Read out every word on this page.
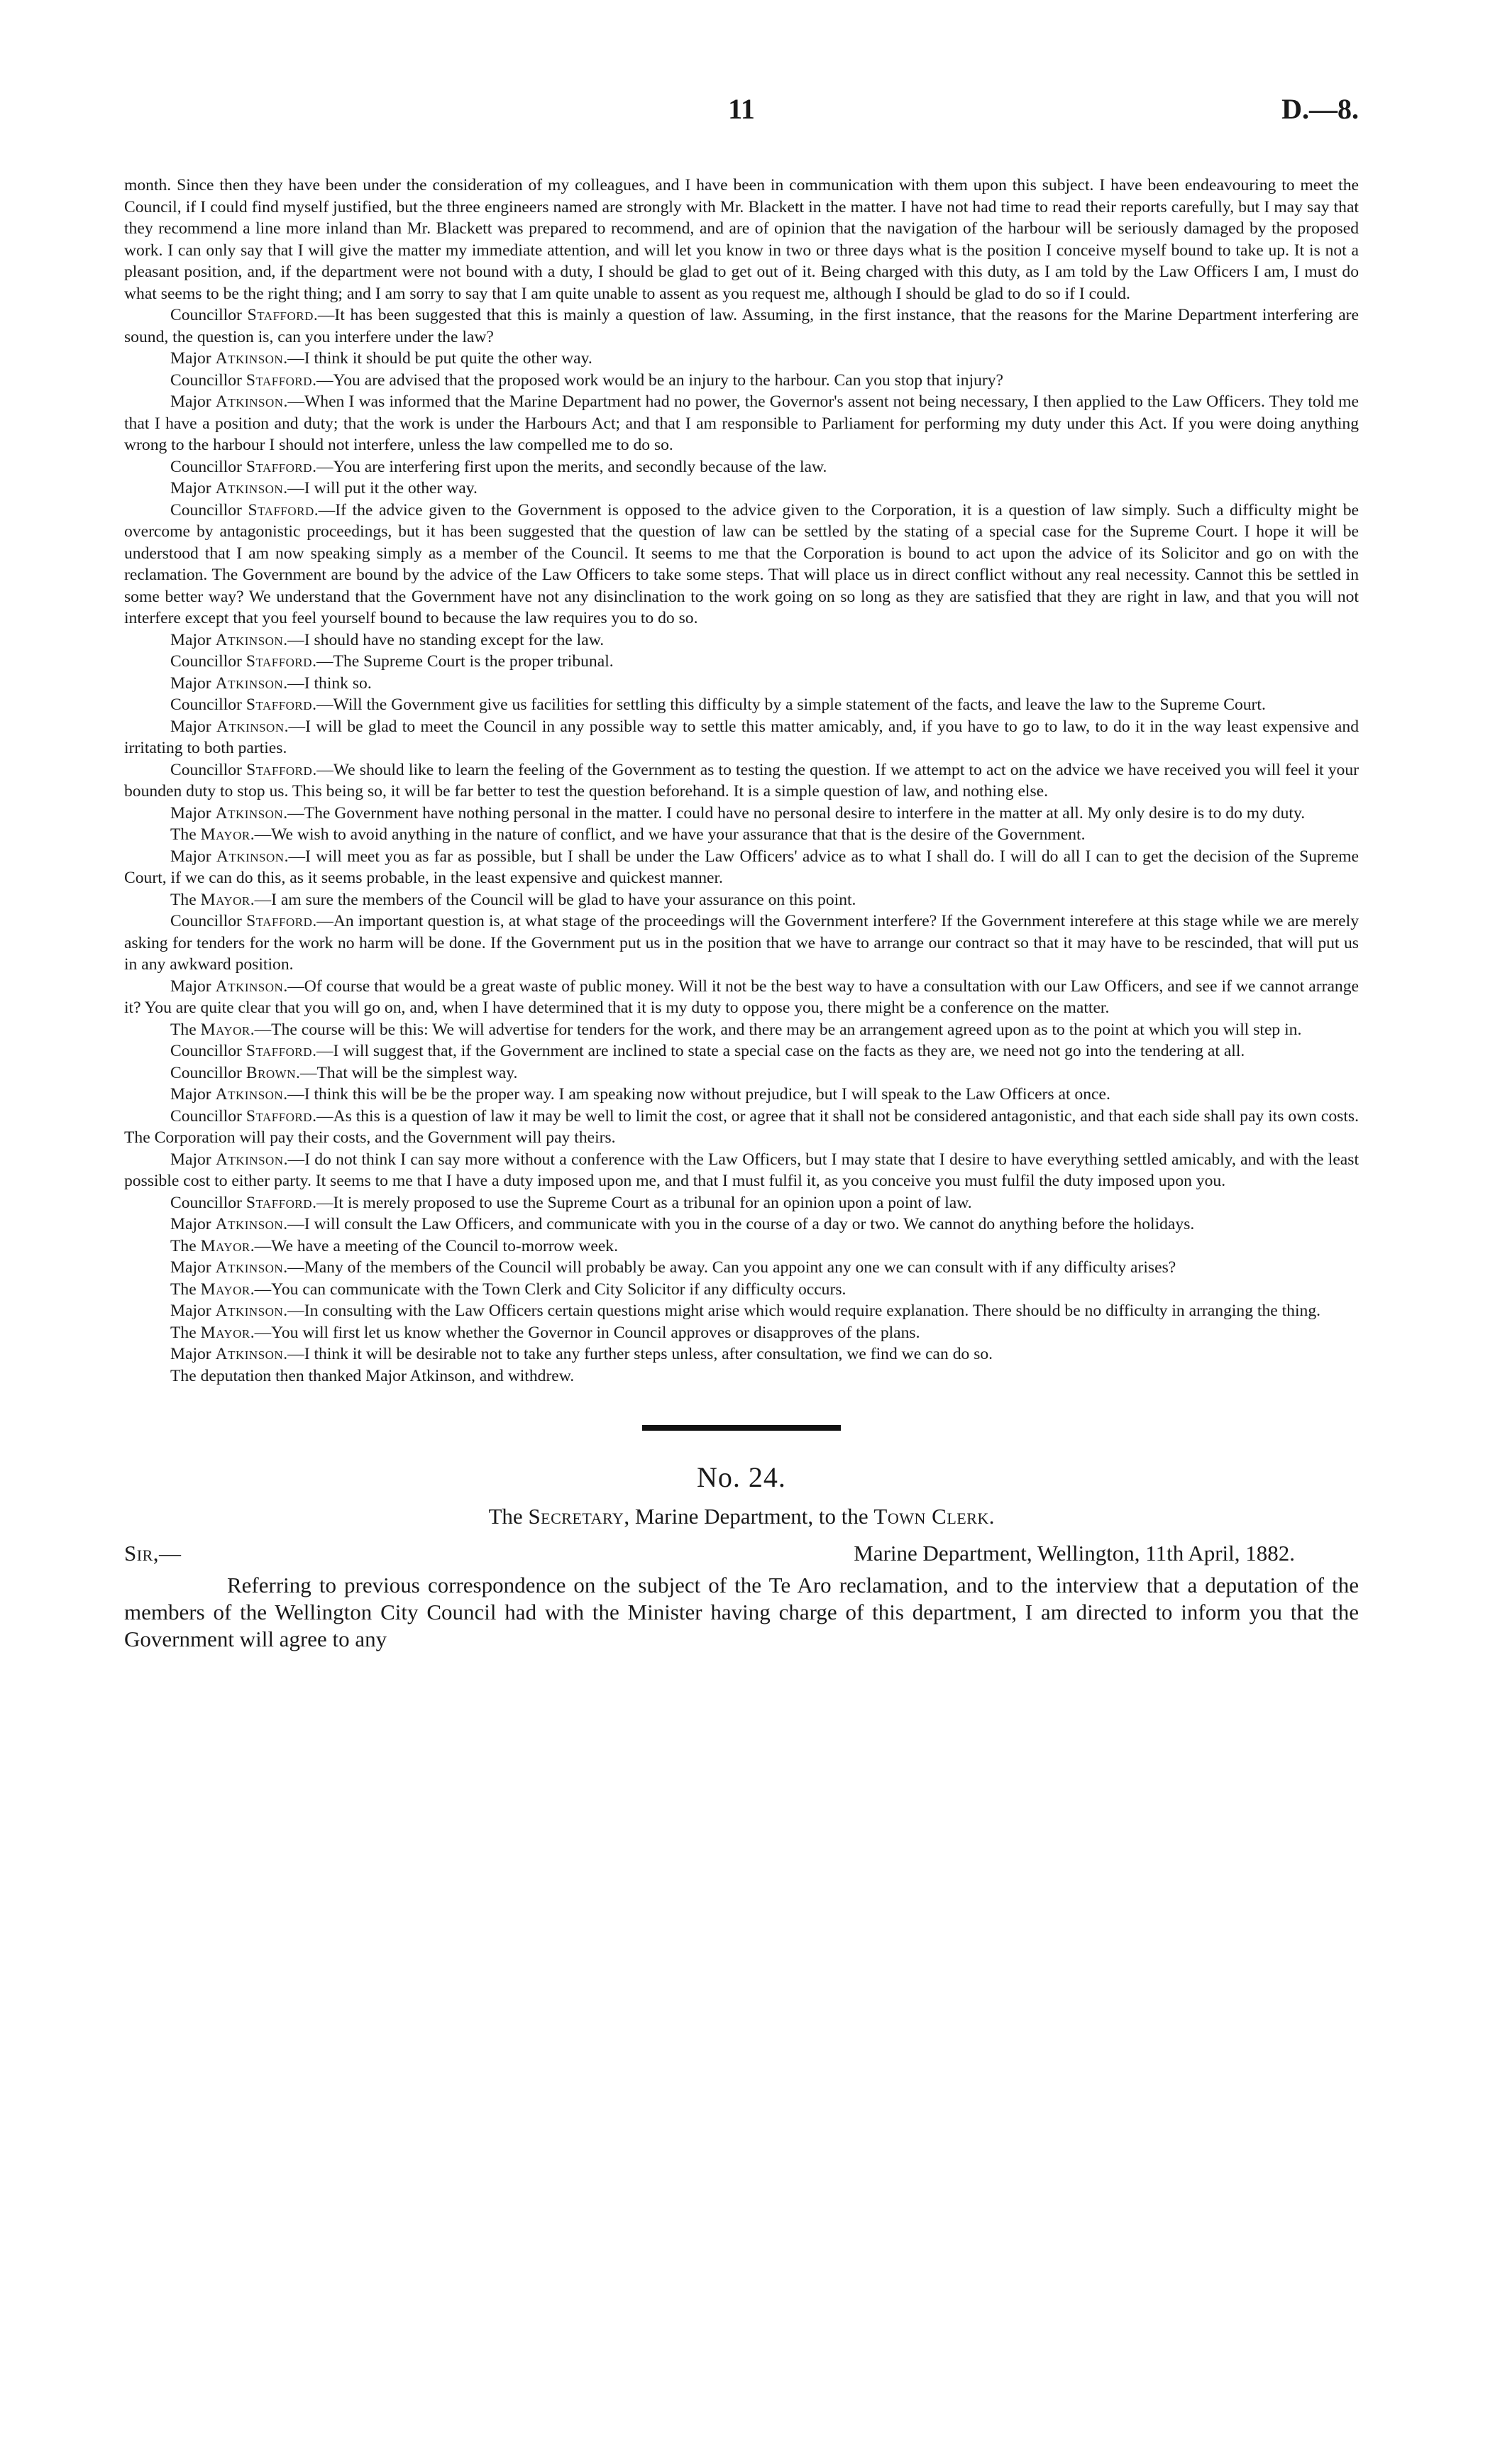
11	D.—8.

month. Since then they have been under the consideration of my colleagues, and I have been in communication with them upon this subject. I have been endeavouring to meet the Council, if I could find myself justified, but the three engineers named are strongly with Mr. Blackett in the matter. I have not had time to read their reports carefully, but I may say that they recommend a line more inland than Mr. Blackett was prepared to recommend, and are of opinion that the navigation of the harbour will be seriously damaged by the proposed work. I can only say that I will give the matter my immediate attention, and will let you know in two or three days what is the position I conceive myself bound to take up. It is not a pleasant position, and, if the department were not bound with a duty, I should be glad to get out of it. Being charged with this duty, as I am told by the Law Officers I am, I must do what seems to be the right thing; and I am sorry to say that I am quite unable to assent as you request me, although I should be glad to do so if I could.

Councillor Stafford.—It has been suggested that this is mainly a question of law. Assuming, in the first instance, that the reasons for the Marine Department interfering are sound, the question is, can you interfere under the law?

Major Atkinson.—I think it should be put quite the other way.

Councillor Stafford.—You are advised that the proposed work would be an injury to the harbour. Can you stop that injury?

Major Atkinson.—When I was informed that the Marine Department had no power, the Governor's assent not being necessary, I then applied to the Law Officers. They told me that I have a position and duty; that the work is under the Harbours Act; and that I am responsible to Parliament for performing my duty under this Act. If you were doing anything wrong to the harbour I should not interfere, unless the law compelled me to do so.

Councillor Stafford.—You are interfering first upon the merits, and secondly because of the law.

Major Atkinson.—I will put it the other way.

Councillor Stafford.—If the advice given to the Government is opposed to the advice given to the Corporation, it is a question of law simply. Such a difficulty might be overcome by antagonistic proceedings, but it has been suggested that the question of law can be settled by the stating of a special case for the Supreme Court. I hope it will be understood that I am now speaking simply as a member of the Council. It seems to me that the Corporation is bound to act upon the advice of its Solicitor and go on with the reclamation. The Government are bound by the advice of the Law Officers to take some steps. That will place us in direct conflict without any real necessity. Cannot this be settled in some better way? We understand that the Government have not any disinclination to the work going on so long as they are satisfied that they are right in law, and that you will not interfere except that you feel yourself bound to because the law requires you to do so.

Major Atkinson.—I should have no standing except for the law.

Councillor Stafford.—The Supreme Court is the proper tribunal.

Major Atkinson.—I think so.

Councillor Stafford.—Will the Government give us facilities for settling this difficulty by a simple statement of the facts, and leave the law to the Supreme Court.

Major Atkinson.—I will be glad to meet the Council in any possible way to settle this matter amicably, and, if you have to go to law, to do it in the way least expensive and irritating to both parties.

Councillor Stafford.—We should like to learn the feeling of the Government as to testing the question. If we attempt to act on the advice we have received you will feel it your bounden duty to stop us. This being so, it will be far better to test the question beforehand. It is a simple question of law, and nothing else.

Major Atkinson.—The Government have nothing personal in the matter. I could have no personal desire to interfere in the matter at all. My only desire is to do my duty.

The Mayor.—We wish to avoid anything in the nature of conflict, and we have your assurance that that is the desire of the Government.

Major Atkinson.—I will meet you as far as possible, but I shall be under the Law Officers' advice as to what I shall do. I will do all I can to get the decision of the Supreme Court, if we can do this, as it seems probable, in the least expensive and quickest manner.

The Mayor.—I am sure the members of the Council will be glad to have your assurance on this point.

Councillor Stafford.—An important question is, at what stage of the proceedings will the Government interfere? If the Government interefere at this stage while we are merely asking for tenders for the work no harm will be done. If the Government put us in the position that we have to arrange our contract so that it may have to be rescinded, that will put us in any awkward position.

Major Atkinson.—Of course that would be a great waste of public money. Will it not be the best way to have a consultation with our Law Officers, and see if we cannot arrange it? You are quite clear that you will go on, and, when I have determined that it is my duty to oppose you, there might be a conference on the matter.

The Mayor.—The course will be this: We will advertise for tenders for the work, and there may be an arrangement agreed upon as to the point at which you will step in.

Councillor Stafford.—I will suggest that, if the Government are inclined to state a special case on the facts as they are, we need not go into the tendering at all.

Councillor Brown.—That will be the simplest way.

Major Atkinson.—I think this will be be the proper way. I am speaking now without prejudice, but I will speak to the Law Officers at once.

Councillor Stafford.—As this is a question of law it may be well to limit the cost, or agree that it shall not be considered antagonistic, and that each side shall pay its own costs. The Corporation will pay their costs, and the Government will pay theirs.

Major Atkinson.—I do not think I can say more without a conference with the Law Officers, but I may state that I desire to have everything settled amicably, and with the least possible cost to either party. It seems to me that I have a duty imposed upon me, and that I must fulfil it, as you conceive you must fulfil the duty imposed upon you.

Councillor Stafford.—It is merely proposed to use the Supreme Court as a tribunal for an opinion upon a point of law.

Major Atkinson.—I will consult the Law Officers, and communicate with you in the course of a day or two. We cannot do anything before the holidays.

The Mayor.—We have a meeting of the Council to-morrow week.

Major Atkinson.—Many of the members of the Council will probably be away. Can you appoint any one we can consult with if any difficulty arises?

The Mayor.—You can communicate with the Town Clerk and City Solicitor if any difficulty occurs.

Major Atkinson.—In consulting with the Law Officers certain questions might arise which would require explanation. There should be no difficulty in arranging the thing.

The Mayor.—You will first let us know whether the Governor in Council approves or disapproves of the plans.

Major Atkinson.—I think it will be desirable not to take any further steps unless, after consultation, we find we can do so.

The deputation then thanked Major Atkinson, and withdrew.

No. 24.
The Secretary, Marine Department, to the Town Clerk.
Sir,—	Marine Department, Wellington, 11th April, 1882.

Referring to previous correspondence on the subject of the Te Aro reclamation, and to the interview that a deputation of the members of the Wellington City Council had with the Minister having charge of this department, I am directed to inform you that the Government will agree to any
